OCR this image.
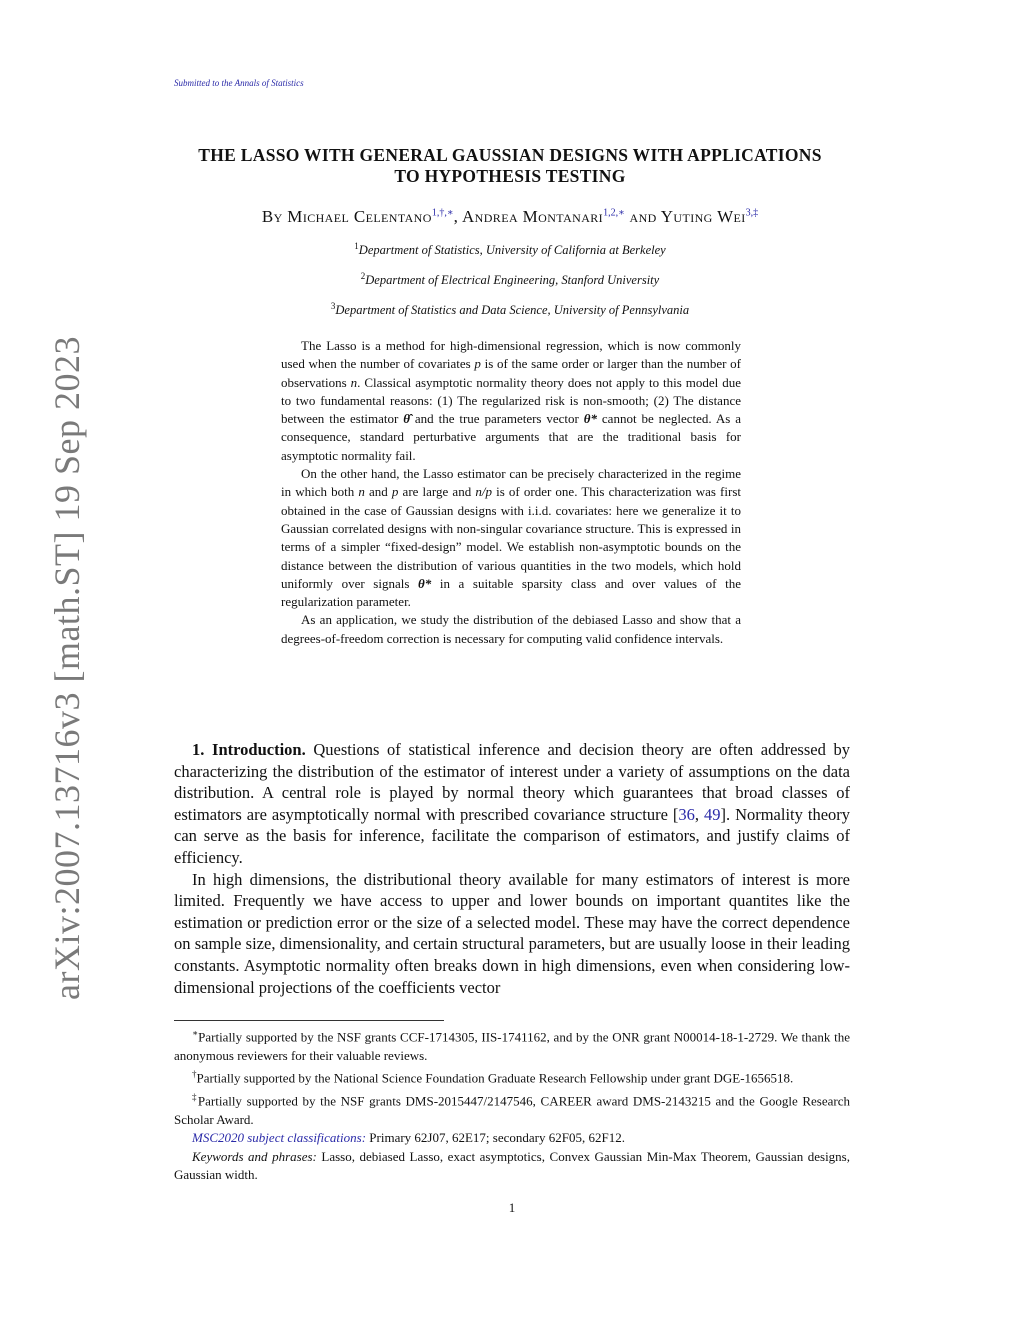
Submitted to the Annals of Statistics
arXiv:2007.13716v3 [math.ST] 19 Sep 2023
THE LASSO WITH GENERAL GAUSSIAN DESIGNS WITH APPLICATIONS
TO HYPOTHESIS TESTING
By Michael Celentano$^{1,\dagger,∗}$, Andrea Montanari$^{1,2,∗}$ and Yuting Wei$^{3,\ddagger}$
$^1$Department of Statistics, University of California at Berkeley
$^2$Department of Electrical Engineering, Stanford University
$^3$Department of Statistics and Data Science, University of Pennsylvania

The Lasso is a method for high-dimensional regression, which is now commonly used when the number of covariates p is of the same order or larger than the number of observations n. Classical asymptotic normality theory does not apply to this model due to two fundamental reasons: (1) The regularized risk is non-smooth; (2) The distance between the estimator θ̂ and the true parameters vector θ* cannot be neglected. As a consequence, standard perturbative arguments that are the traditional basis for asymptotic normality fail.

On the other hand, the Lasso estimator can be precisely characterized in the regime in which both n and p are large and n/p is of order one. This characterization was first obtained in the case of Gaussian designs with i.i.d. covariates: here we generalize it to Gaussian correlated designs with non-singular covariance structure. This is expressed in terms of a simpler “fixed-design” model. We establish non-asymptotic bounds on the distance between the distribution of various quantities in the two models, which hold uniformly over signals θ* in a suitable sparsity class and over values of the regularization parameter.

As an application, we study the distribution of the debiased Lasso and show that a degrees-of-freedom correction is necessary for computing valid confidence intervals.

1. Introduction. Questions of statistical inference and decision theory are often addressed by characterizing the distribution of the estimator of interest under a variety of assumptions on the data distribution. A central role is played by normal theory which guarantees that broad classes of estimators are asymptotically normal with prescribed covariance structure [36, 49]. Normality theory can serve as the basis for inference, facilitate the comparison of estimators, and justify claims of efficiency.

In high dimensions, the distributional theory available for many estimators of interest is more limited. Frequently we have access to upper and lower bounds on important quantites like the estimation or prediction error or the size of a selected model. These may have the correct dependence on sample size, dimensionality, and certain structural parameters, but are usually loose in their leading constants. Asymptotic normality often breaks down in high dimensions, even when considering low-dimensional projections of the coefficients vector

∗Partially supported by the NSF grants CCF-1714305, IIS-1741162, and by the ONR grant N00014-18-1-2729. We thank the anonymous reviewers for their valuable reviews.

†Partially supported by the National Science Foundation Graduate Research Fellowship under grant DGE-1656518.

‡Partially supported by the NSF grants DMS-2015447/2147546, CAREER award DMS-2143215 and the Google Research Scholar Award.

MSC2020 subject classifications: Primary 62J07, 62E17; secondary 62F05, 62F12.

Keywords and phrases: Lasso, debiased Lasso, exact asymptotics, Convex Gaussian Min-Max Theorem, Gaussian designs, Gaussian width.

1
